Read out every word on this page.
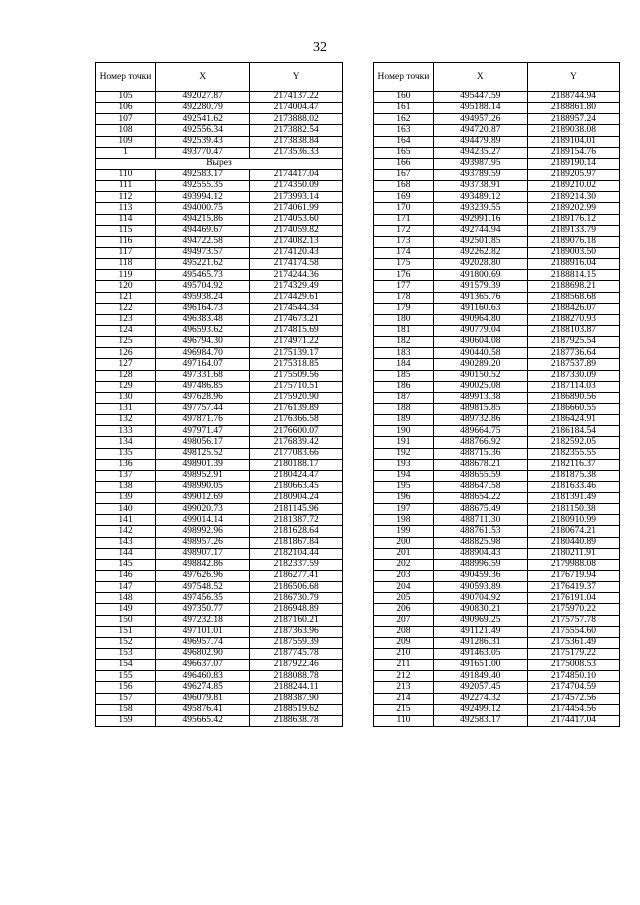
32
Номер точки	X	Y
105	492027.87	2174137.22
106	492280.79	2174004.47
107	492541.62	2173888.02
108	492556.34	2173882.54
109	492539.43	2173838.84
1	493770.47	2173536.33
Вырез		
110	492583.17	2174417.04
111	492555.35	2174350.09
112	493994.12	2173993.14
113	494000.75	2174061.99
114	494215.86	2174053.60
115	494469.67	2174059.82
116	494722.58	2174082.13
117	494973.57	2174120.43
118	495221.62	2174174.58
119	495465.73	2174244.36
120	495704.92	2174329.49
121	495938.24	2174429.61
122	496164.73	2174544.34
123	496383.48	2174673.21
124	496593.62	2174815.69
125	496794.30	2174971.22
126	496984.70	2175139.17
127	497164.07	2175318.85
128	497331.68	2175509.56
129	497486.85	2175710.51
130	497628.96	2175920.90
131	497757.44	2176139.89
132	497871.76	2176366.58
133	497971.47	2176600.07
134	498056.17	2176839.42
135	498125.52	2177083.66
136	498901.39	2180188.17
137	498952.91	2180424.47
138	498990.05	2180663.45
139	499012.69	2180904.24
140	499020.73	2181145.96
141	499014.14	2181387.72
142	498992.96	2181628.64
143	498957.26	2181867.84
144	498907.17	2182104.44
145	498842.86	2182337.59
146	497626.96	2186277.41
147	497548.52	2186506.68
148	497456.35	2186730.79
149	497350.77	2186948.89
150	497232.18	2187160.21
151	497101.01	2187363.96
152	496957.74	2187559.39
153	496802.90	2187745.78
154	496637.07	2187922.46
155	496460.83	2188088.78
156	496274.85	2188244.11
157	496079.81	2188387.90
158	495876.41	2188519.62
159	495665.42	2188638.78
Номер точки	X	Y
160	495447.59	2188744.94
161	495188.14	2188861.80
162	494957.26	2188957.24
163	494720.87	2189038.08
164	494479.89	2189104.01
165	494235.27	2189154.76
166	493987.95	2189190.14
167	493789.59	2189205.97
168	493738.91	2189210.02
169	493489.12	2189214.30
170	493239.55	2189202.99
171	492991.16	2189176.12
172	492744.94	2189133.79
173	492501.85	2189076.18
174	492262.82	2189003.50
175	492028.80	2188916.04
176	491800.69	2188814.15
177	491579.39	2188698.21
178	491365.76	2188568.68
179	491160.63	2188426.07
180	490964.80	2188270.93
181	490779.04	2188103.87
182	490604.08	2187925.54
183	490440.58	2187736.64
184	490289.20	2187537.89
185	490150.52	2187330.09
186	490025.08	2187114.03
187	489913.38	2186890.56
188	489815.85	2186660.55
189	489732.86	2186424.91
190	489664.75	2186184.54
191	488766.92	2182592.05
192	488715.36	2182355.55
193	488678.21	2182116.37
194	488655.59	2181875.38
195	488647.58	2181633.46
196	488654.22	2181391.49
197	488675.49	2181150.38
198	488711.30	2180910.99
199	488761.53	2180674.21
200	488825.98	2180440.89
201	488904.43	2180211.91
202	488996.59	2179988.08
203	490459.36	2176719.94
204	490593.89	2176419.37
205	490704.92	2176191.04
206	490830.21	2175970.22
207	490969.25	2175757.78
208	491121.49	2175554.60
209	491286.31	2175361.49
210	491463.05	2175179.22
211	491651.00	2175008.53
212	491849.40	2174850.10
213	492057.45	2174704.59
214	492274.32	2174572.56
215	492499.12	2174454.56
110	492583.17	2174417.04
